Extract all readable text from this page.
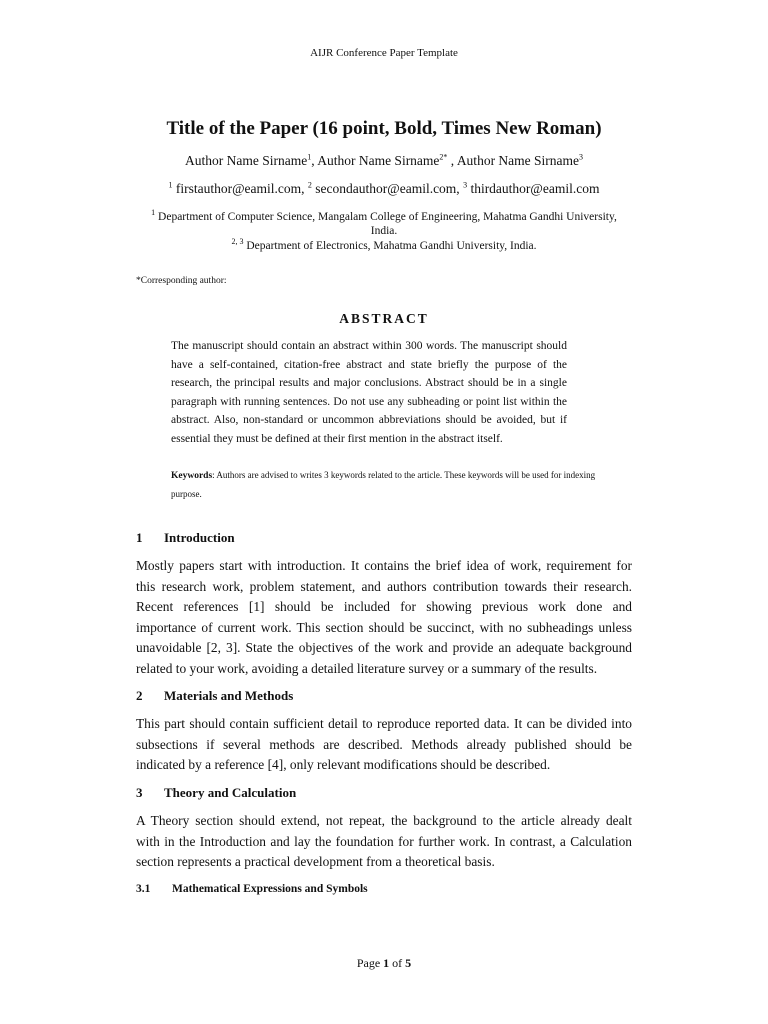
AIJR Conference Paper Template
Title of the Paper (16 point, Bold, Times New Roman)
Author Name Sirname$^1$, Author Name Sirname$^{2*}$ , Author Name Sirname$^3$
$^1$ firstauthor@eamil.com, $^2$ secondauthor@eamil.com, $^3$ thirdauthor@eamil.com
$^1$ Department of Computer Science, Mangalam College of Engineering, Mahatma Gandhi University, India.
$^{2, 3}$ Department of Electronics, Mahatma Gandhi University, India.
*Corresponding author:
ABSTRACT
The manuscript should contain an abstract within 300 words. The manuscript should have a self-contained, citation-free abstract and state briefly the purpose of the research, the principal results and major conclusions. Abstract should be in a single paragraph with running sentences. Do not use any subheading or point list within the abstract. Also, non-standard or uncommon abbreviations should be avoided, but if essential they must be defined at their first mention in the abstract itself.
Keywords: Authors are advised to writes 3 keywords related to the article. These keywords will be used for indexing purpose.
1 Introduction
Mostly papers start with introduction. It contains the brief idea of work, requirement for
this research work, problem statement, and authors contribution towards their research.
Recent references [1] should be included for showing previous work done and
importance of current work. This section should be succinct, with no subheadings unless
unavoidable [2, 3]. State the objectives of the work and provide an adequate background
related to your work, avoiding a detailed literature survey or a summary of the results.
2 Materials and Methods
This part should contain sufficient detail to reproduce reported data. It can be divided into
subsections if several methods are described. Methods already published should be
indicated by a reference [4], only relevant modifications should be described.
3 Theory and Calculation
A Theory section should extend, not repeat, the background to the article already dealt
with in the Introduction and lay the foundation for further work. In contrast, a Calculation
section represents a practical development from a theoretical basis.
3.1 Mathematical Expressions and Symbols
Page 1 of 5
